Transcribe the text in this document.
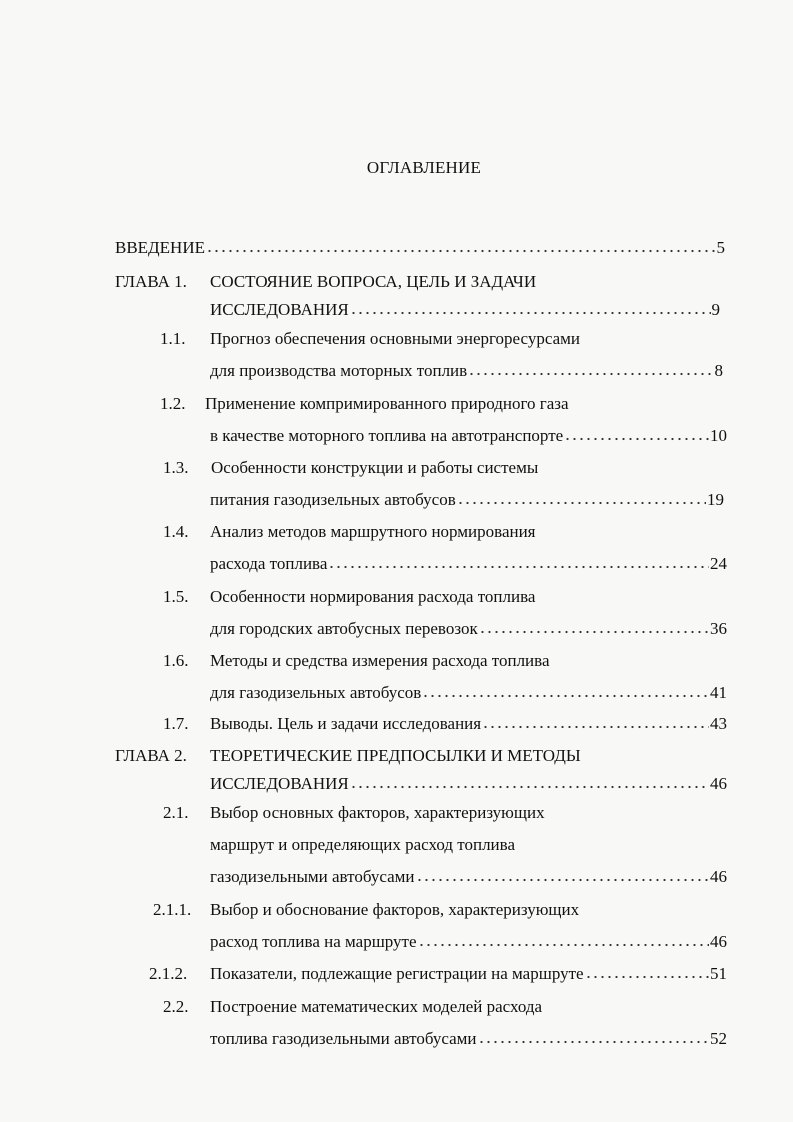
ОГЛАВЛЕНИЕ
ВВЕДЕНИЕ	5
ГЛАВА 1.	СОСТОЯНИЕ ВОПРОСА, ЦЕЛЬ И ЗАДАЧИ
ИССЛЕДОВАНИЯ	9
1.1.	Прогноз обеспечения основными энергоресурсами
для производства моторных топлив	8
1.2.	Применение компримированного природного газа
в качестве моторного топлива на автотранспорте	10
1.3.	Особенности конструкции и работы системы
питания газодизельных автобусов	19
1.4.	Анализ методов маршрутного нормирования
расхода топлива	24
1.5.	Особенности нормирования расхода топлива
для городских автобусных перевозок	36
1.6.	Методы и средства измерения расхода топлива
для газодизельных автобусов	41
1.7.	Выводы. Цель и задачи исследования	43
ГЛАВА 2.	ТЕОРЕТИЧЕСКИЕ ПРЕДПОСЫЛКИ И МЕТОДЫ
ИССЛЕДОВАНИЯ	46
2.1.	Выбор основных факторов, характеризующих
маршрут и определяющих расход топлива
газодизельными автобусами	46
2.1.1.	Выбор и обоснование факторов, характеризующих
расход топлива на маршруте	46
2.1.2.	Показатели, подлежащие регистрации на маршруте	51
2.2.	Построение математических моделей расхода
топлива газодизельными автобусами	52
